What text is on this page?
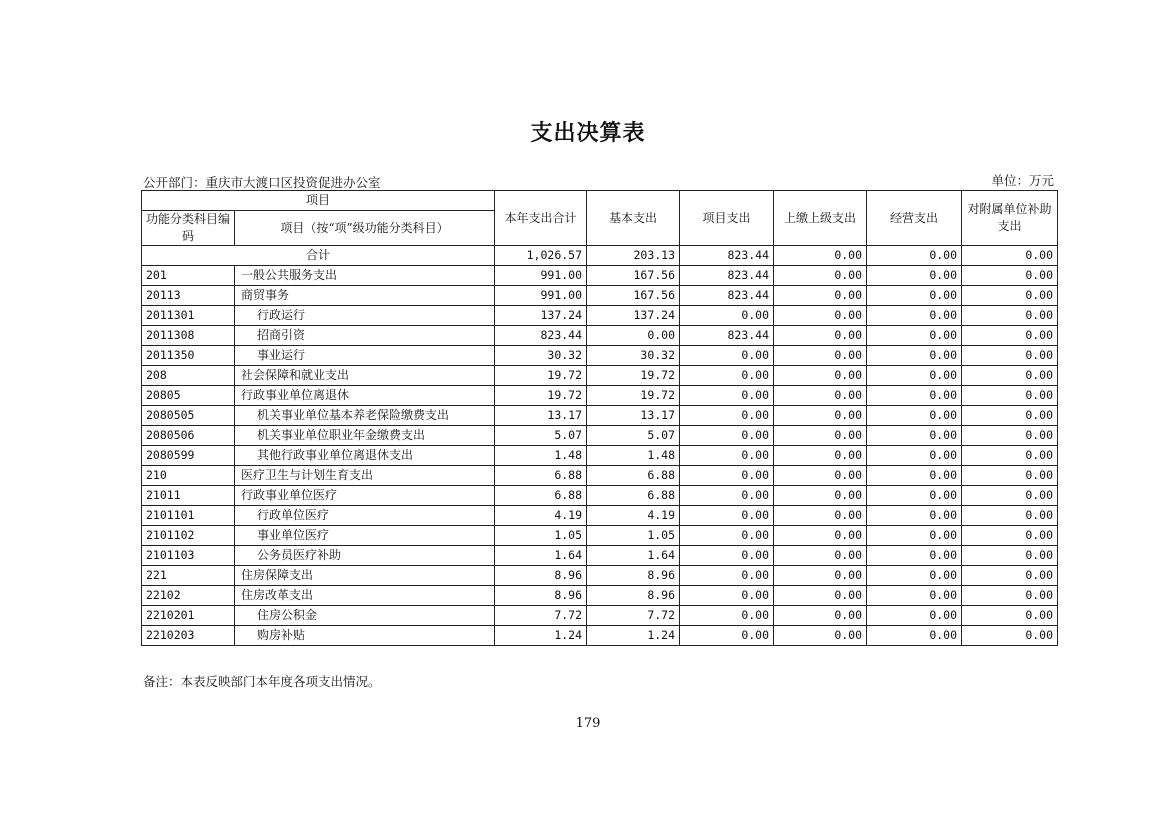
支出决算表
公开部门：重庆市大渡口区投资促进办公室	单位：万元
项目		本年支出合计	基本支出	项目支出	上缴上级支出	经营支出	对附属单位补助支出
功能分类科目编码	项目（按“项”级功能分类科目）						
合计		1,026.57	203.13	823.44	0.00	0.00	0.00
201	一般公共服务支出	991.00	167.56	823.44	0.00	0.00	0.00
20113	商贸事务	991.00	167.56	823.44	0.00	0.00	0.00
2011301	行政运行	137.24	137.24	0.00	0.00	0.00	0.00
2011308	招商引资	823.44	0.00	823.44	0.00	0.00	0.00
2011350	事业运行	30.32	30.32	0.00	0.00	0.00	0.00
208	社会保障和就业支出	19.72	19.72	0.00	0.00	0.00	0.00
20805	行政事业单位离退休	19.72	19.72	0.00	0.00	0.00	0.00
2080505	机关事业单位基本养老保险缴费支出	13.17	13.17	0.00	0.00	0.00	0.00
2080506	机关事业单位职业年金缴费支出	5.07	5.07	0.00	0.00	0.00	0.00
2080599	其他行政事业单位离退休支出	1.48	1.48	0.00	0.00	0.00	0.00
210	医疗卫生与计划生育支出	6.88	6.88	0.00	0.00	0.00	0.00
21011	行政事业单位医疗	6.88	6.88	0.00	0.00	0.00	0.00
2101101	行政单位医疗	4.19	4.19	0.00	0.00	0.00	0.00
2101102	事业单位医疗	1.05	1.05	0.00	0.00	0.00	0.00
2101103	公务员医疗补助	1.64	1.64	0.00	0.00	0.00	0.00
221	住房保障支出	8.96	8.96	0.00	0.00	0.00	0.00
22102	住房改革支出	8.96	8.96	0.00	0.00	0.00	0.00
2210201	住房公积金	7.72	7.72	0.00	0.00	0.00	0.00
2210203	购房补贴	1.24	1.24	0.00	0.00	0.00	0.00
备注：本表反映部门本年度各项支出情况。
179
